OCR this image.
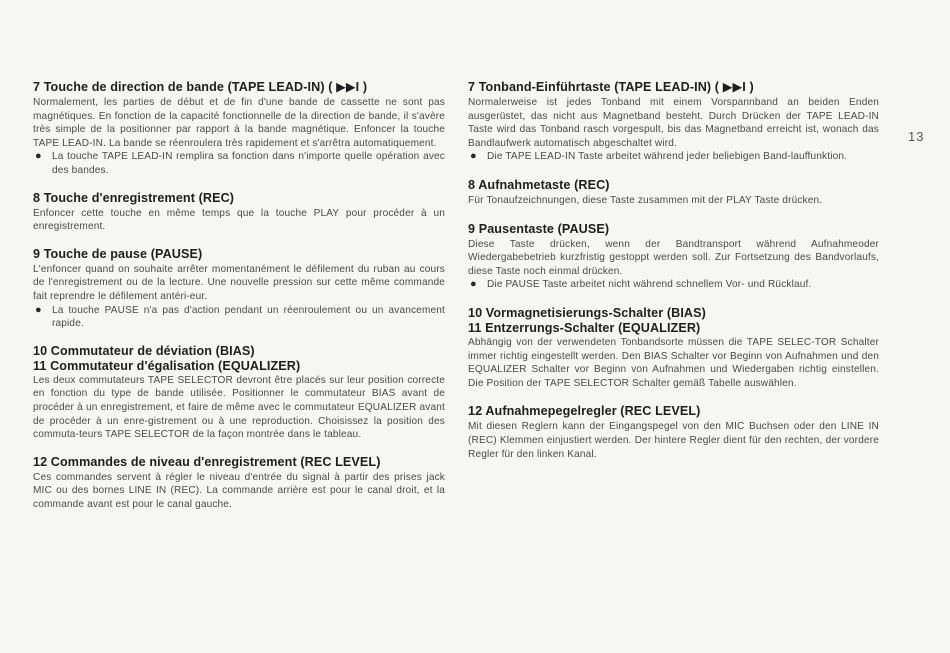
7 Touche de direction de bande (TAPE LEAD-IN) ( ▶▶I )

Normalement, les parties de début et de fin d'une bande de cassette ne sont pas magnétiques. En fonction de la capacité fonctionnelle de la direction de bande, il s'avère très simple de la positionner par rapport à la bande magnétique. Enfoncer la touche TAPE LEAD-IN. La bande se réenroulera très rapidement et s'arrêtra automatiquement.

● La touche TAPE LEAD-IN remplira sa fonction dans n'importe quelle opération avec des bandes.
8 Touche d'enregistrement (REC)

Enfoncer cette touche en même temps que la touche PLAY pour procéder à un enregistrement.

9 Touche de pause (PAUSE)

L'enfoncer quand on souhaite arrêter momentanément le défilement du ruban au cours de l'enregistrement ou de la lecture. Une nouvelle pression sur cette même commande fait reprendre le défilement antéri-eur.

● La touche PAUSE n'a pas d'action pendant un réenroulement ou un avancement rapide.
10 Commutateur de déviation (BIAS)
11 Commutateur d'égalisation (EQUALIZER)

Les deux commutateurs TAPE SELECTOR devront être placés sur leur position correcte en fonction du type de bande utilisée. Positionner le commutateur BIAS avant de procéder à un enregistrement, et faire de même avec le commutateur EQUALIZER avant de procéder à un enre-gistrement ou à une reproduction. Choisissez la position des commuta-teurs TAPE SELECTOR de la façon montrée dans le tableau.

12 Commandes de niveau d'enregistrement (REC LEVEL)

Ces commandes servent à régler le niveau d'entrée du signal à partir des prises jack MIC ou des bornes LINE IN (REC). La commande arrière est pour le canal droit, et la commande avant est pour le canal gauche.

7 Tonband-Einführtaste (TAPE LEAD-IN) ( ▶▶I )

Normalerweise ist jedes Tonband mit einem Vorspannband an beiden Enden ausgerüstet, das nicht aus Magnetband besteht. Durch Drücken der TAPE LEAD-IN Taste wird das Tonband rasch vorgespult, bis das Magnetband erreicht ist, wonach das Bandlaufwerk automatisch abgeschaltet wird.

● Die TAPE LEAD-IN Taste arbeitet während jeder beliebigen Band-lauffunktion.
8 Aufnahmetaste (REC)

Für Tonaufzeichnungen, diese Taste zusammen mit der PLAY Taste drücken.

9 Pausentaste (PAUSE)

Diese Taste drücken, wenn der Bandtransport während Aufnahmeoder Wiedergabebetrieb kurzfristig gestoppt werden soll. Zur Fortsetzung des Bandvorlaufs, diese Taste noch einmal drücken.

● Die PAUSE Taste arbeitet nicht während schnellem Vor- und Rücklauf.
10 Vormagnetisierungs-Schalter (BIAS)
11 Entzerrungs-Schalter (EQUALIZER)

Abhängig von der verwendeten Tonbandsorte müssen die TAPE SELEC-TOR Schalter immer richtig eingestellt werden. Den BIAS Schalter vor Beginn von Aufnahmen und den EQUALIZER Schalter vor Beginn von Aufnahmen und Wiedergaben richtig einstellen. Die Position der TAPE SELECTOR Schalter gemäß Tabelle auswählen.

12 Aufnahmepegelregler (REC LEVEL)

Mit diesen Reglern kann der Eingangspegel von den MIC Buchsen oder den LINE IN (REC) Klemmen einjustiert werden. Der hintere Regler dient für den rechten, der vordere Regler für den linken Kanal.

13
